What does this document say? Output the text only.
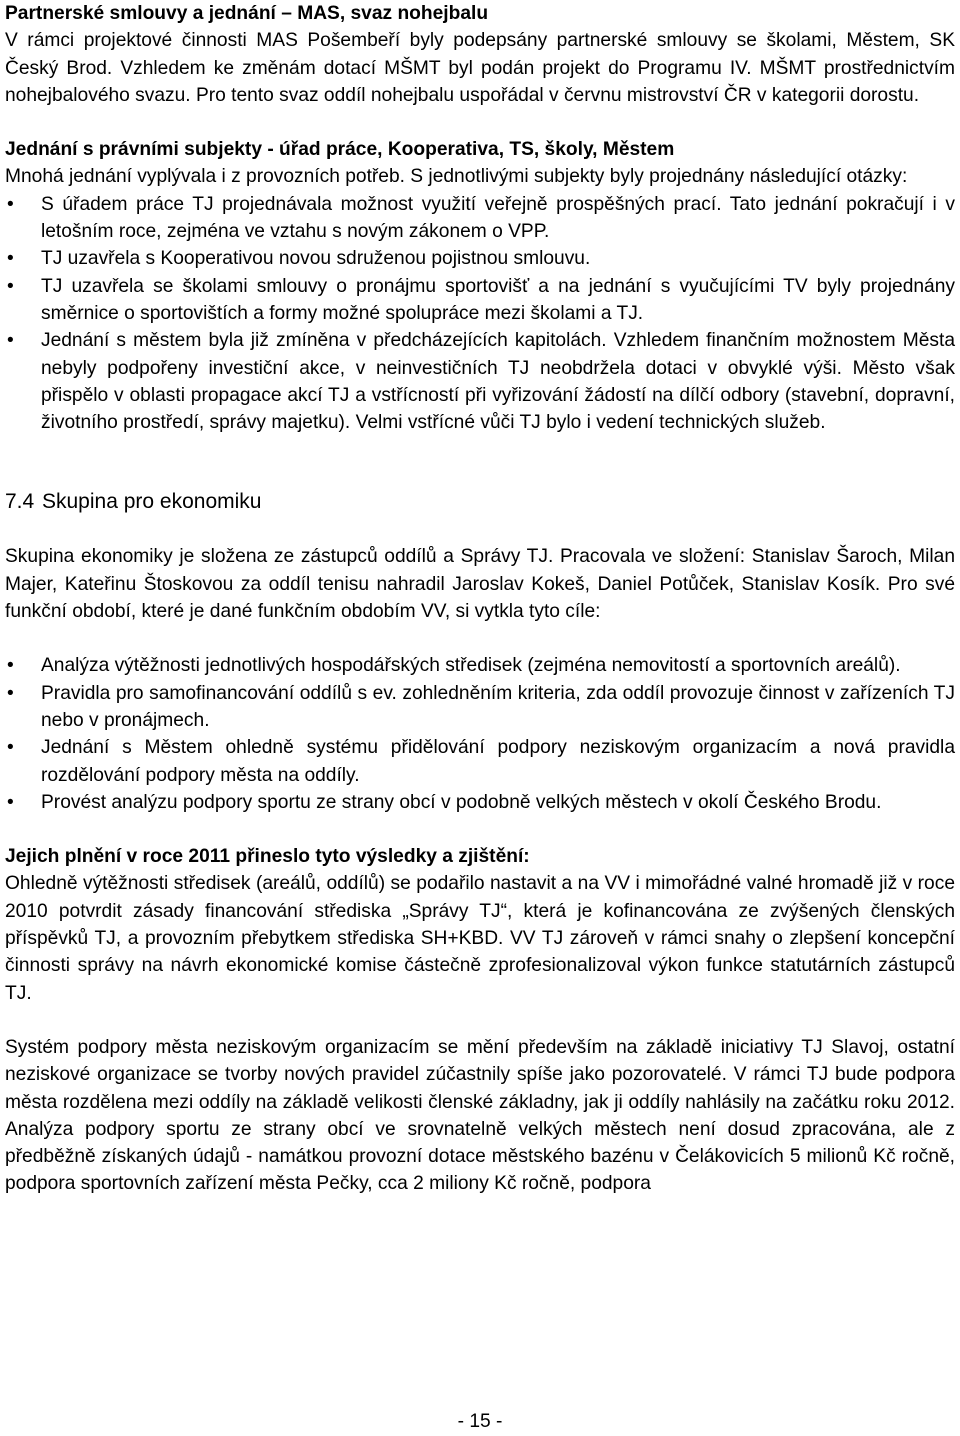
Partnerské smlouvy a jednání – MAS, svaz nohejbalu

V rámci projektové činnosti MAS Pošembeří byly podepsány partnerské smlouvy se školami, Městem, SK Český Brod. Vzhledem ke změnám dotací MŠMT byl podán projekt do Programu IV. MŠMT prostřednictvím nohejbalového svazu. Pro tento svaz oddíl nohejbalu uspořádal v červnu mistrovství ČR v kategorii dorostu.

Jednání s právními subjekty - úřad práce, Kooperativa, TS, školy, Městem

Mnohá jednání vyplývala i z provozních potřeb. S jednotlivými subjekty byly projednány následující otázky:

• S úřadem práce TJ projednávala možnost využití veřejně prospěšných prací. Tato jednání pokračují i v letošním roce, zejména ve vztahu s novým zákonem o VPP.
• TJ uzavřela s Kooperativou novou sdruženou pojistnou smlouvu.
• TJ uzavřela se školami smlouvy o pronájmu sportovišť a na jednání s vyučujícími TV byly projednány směrnice o sportovištích a formy možné spolupráce mezi školami a TJ.
• Jednání s městem byla již zmíněna v předcházejících kapitolách. Vzhledem finančním možnostem Města nebyly podpořeny investiční akce, v neinvestičních TJ neobdržela dotaci v obvyklé výši. Město však přispělo v oblasti propagace akcí TJ a vstřícností při vyřizování žádostí na dílčí odbory (stavební, dopravní, životního prostředí, správy majetku). Velmi vstřícné vůči TJ bylo i vedení technických služeb.

7.4 Skupina pro ekonomiku

Skupina ekonomiky je složena ze zástupců oddílů a Správy TJ. Pracovala ve složení: Stanislav Šaroch, Milan Majer, Kateřinu Štoskovou za oddíl tenisu nahradil Jaroslav Kokeš, Daniel Potůček, Stanislav Kosík. Pro své funkční období, které je dané funkčním obdobím VV, si vytkla tyto cíle:

• Analýza výtěžnosti jednotlivých hospodářských středisek (zejména nemovitostí a sportovních areálů).
• Pravidla pro samofinancování oddílů s ev. zohledněním kriteria, zda oddíl provozuje činnost v zařízeních TJ nebo v pronájmech.
• Jednání s Městem ohledně systému přidělování podpory neziskovým organizacím a nová pravidla rozdělování podpory města na oddíly.
• Provést analýzu podpory sportu ze strany obcí v podobně velkých městech v okolí Českého Brodu.

Jejich plnění v roce 2011 přineslo tyto výsledky a zjištění:

Ohledně výtěžnosti středisek (areálů, oddílů) se podařilo nastavit a na VV i mimořádné valné hromadě již v roce 2010 potvrdit zásady financování střediska „Správy TJ“, která je kofinancována ze zvýšených členských příspěvků TJ, a provozním přebytkem střediska SH+KBD. VV TJ zároveň v rámci snahy o zlepšení koncepční činnosti správy na návrh ekonomické komise částečně zprofesionalizoval výkon funkce statutárních zástupců TJ.

Systém podpory města neziskovým organizacím se mění především na základě iniciativy TJ Slavoj, ostatní neziskové organizace se tvorby nových pravidel zúčastnily spíše jako pozorovatelé. V rámci TJ bude podpora města rozdělena mezi oddíly na základě velikosti členské základny, jak ji oddíly nahlásily na začátku roku 2012. Analýza podpory sportu ze strany obcí ve srovnatelně velkých městech není dosud zpracována, ale z předběžně získaných údajů - namátkou provozní dotace městského bazénu v Čelákovicích 5 milionů Kč ročně, podpora sportovních zařízení města Pečky, cca 2 miliony Kč ročně, podpora

- 15 -
